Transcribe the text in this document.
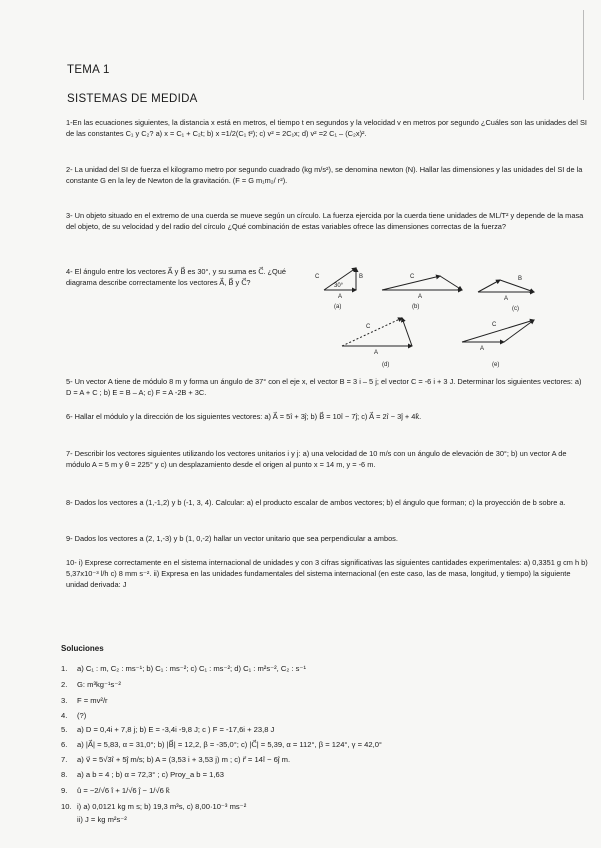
TEMA 1
SISTEMAS DE MEDIDA
1-En las ecuaciones siguientes, la distancia x está en metros, el tiempo t en segundos y la velocidad v en metros por segundo ¿Cuáles son las unidades del SI de las constantes C₁ y C₂? a) x = C₁ + C₂t; b) x =1/2(C₁ t²); c) v² = 2C₁x; d) v² =2 C₁ – (C₂x)².
2- La unidad del SI de fuerza el kilogramo metro por segundo cuadrado (kg m/s²), se denomina newton (N). Hallar las dimensiones y las unidades del SI de la constante G en la ley de Newton de la gravitación. (F = G m₁m₂/ r²).
3- Un objeto situado en el extremo de una cuerda se mueve según un círculo. La fuerza ejercida por la cuerda tiene unidades de ML/T² y depende de la masa del objeto, de su velocidad y del radio del círculo ¿Qué combinación de estas variables ofrece las dimensiones correctas de la fuerza?
4- El ángulo entre los vectores A⃗ y B⃗ es 30°, y su suma es C⃗. ¿Qué diagrama describe correctamente los vectores A⃗, B⃗ y C⃗?
C	B
A
30°
C
A
B
A
C
A
C
A
(a)	(b)	(c)
(d)	(e)
5- Un vector A tiene de módulo 8 m y forma un ángulo de 37° con el eje x, el vector B = 3 i – 5 j; el vector C = -6 i + 3 J. Determinar los siguientes vectores: a) D = A + C ; b) E = B – A; c) F = A -2B + 3C.
6- Hallar el módulo y la dirección de los siguientes vectores: a) A⃗ = 5î + 3ĵ; b) B⃗ = 10î − 7ĵ; c) A⃗ = 2î − 3ĵ + 4k̂.
7- Describir los vectores siguientes utilizando los vectores unitarios i y j: a) una velocidad de 10 m/s con un ángulo de elevación de 30°; b) un vector A de módulo A = 5 m y θ = 225° y c) un desplazamiento desde el origen al punto x = 14 m, y = -6 m.
8- Dados los vectores a (1,-1,2) y b (-1, 3, 4). Calcular: a) el producto escalar de ambos vectores; b) el ángulo que forman; c) la proyección de b sobre a.
9- Dados los vectores a (2, 1,-3) y b (1, 0,-2) hallar un vector unitario que sea perpendicular a ambos.
10- i) Exprese correctamente en el sistema internacional de unidades y con 3 cifras significativas las siguientes cantidades experimentales: a) 0,3351 g cm h b) 5,37x10⁻³ l/h c) 8 mm s⁻². ii) Expresa en las unidades fundamentales del sistema internacional (en este caso, las de masa, longitud, y tiempo) la siguiente unidad derivada: J
Soluciones
1. a) C₁ : m, C₂ : ms⁻¹; b) C₁ : ms⁻²; c) C₁ : ms⁻²; d) C₁ : m²s⁻², C₂ : s⁻¹
2. G: m³kg⁻¹s⁻²
3. F = mv²/r
4. (?)
5. a) D = 0,4i + 7,8 j; b) E = -3,4i -9,8 J; c ) F = -17,6i + 23,8 J
6. a) |A⃗| = 5,83, α = 31,0°; b) |B⃗| = 12,2, β = -35,0°; c) |C⃗| = 5,39, α = 112°, β = 124°, γ = 42,0°
7. a) v⃗ = 5√3î + 5ĵ m/s; b) A = (3,53 i + 3,53 j) m ; c) r⃗ = 14î − 6ĵ m.
8. a) a b = 4 ; b) α = 72,3° ; c) Proy_a b = 1,63
9. û = −2/√6 î + 1/√6 ĵ − 1/√6 k̂
10. i) a) 0,0121 kg m s; b) 19,3 m³s, c) 8,00·10⁻³ ms⁻²
ii) J = kg m²s⁻²
